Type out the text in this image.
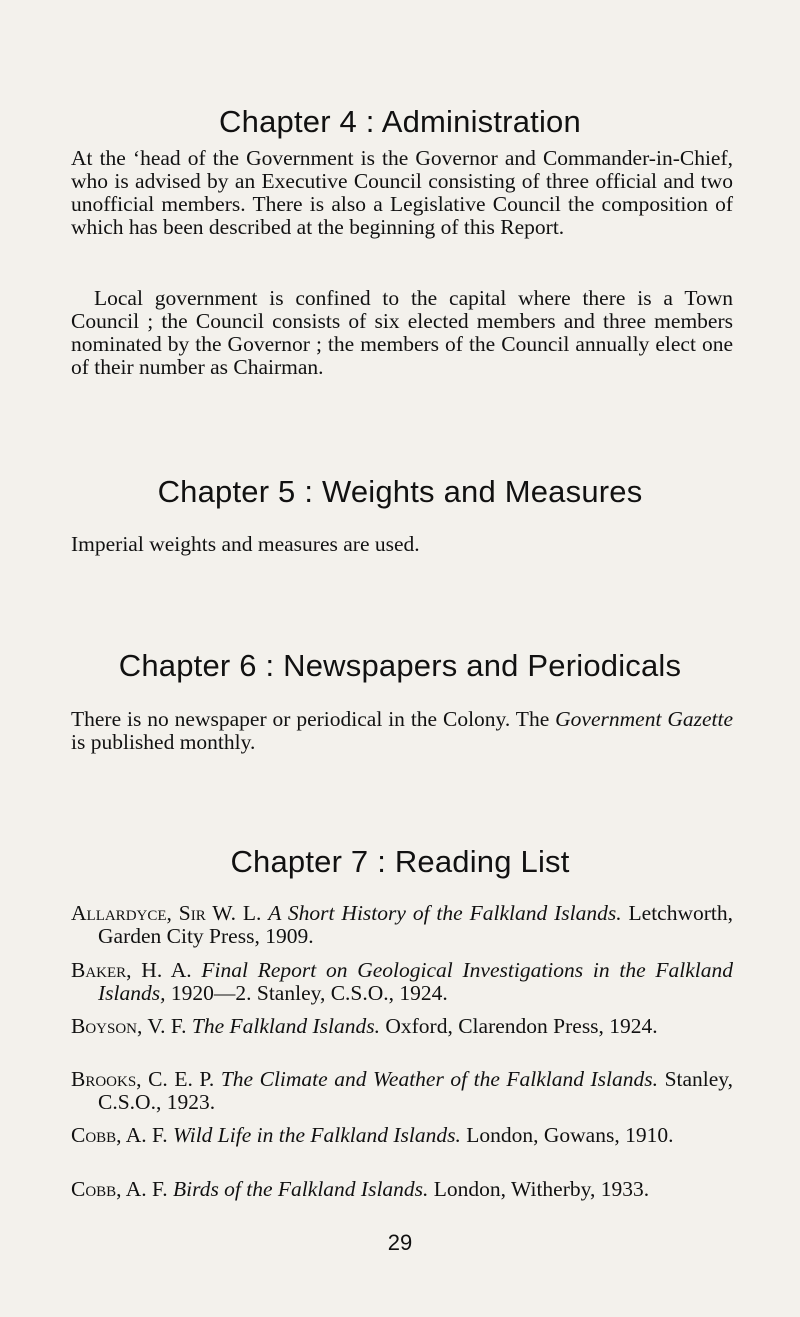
Chapter 4 : Administration
At the ʻhead of the Government is the Governor and Commander-in-Chief, who is advised by an Executive Council consisting of three official and two unofficial members. There is also a Legislative Council the composition of which has been described at the beginning of this Report.
Local government is confined to the capital where there is a Town Council ; the Council consists of six elected members and three members nominated by the Governor ; the members of the Council annually elect one of their number as Chairman.
Chapter 5 : Weights and Measures
Imperial weights and measures are used.
Chapter 6 : Newspapers and Periodicals
There is no newspaper or periodical in the Colony. The Government Gazette is published monthly.
Chapter 7 : Reading List
Allardyce, Sir W. L. A Short History of the Falkland Islands. Letchworth, Garden City Press, 1909.
Baker, H. A. Final Report on Geological Investigations in the Falkland Islands, 1920—2. Stanley, C.S.O., 1924.
Boyson, V. F. The Falkland Islands. Oxford, Clarendon Press, 1924.
Brooks, C. E. P. The Climate and Weather of the Falkland Islands. Stanley, C.S.O., 1923.
Cobb, A. F. Wild Life in the Falkland Islands. London, Gowans, 1910.
Cobb, A. F. Birds of the Falkland Islands. London, Witherby, 1933.
29
